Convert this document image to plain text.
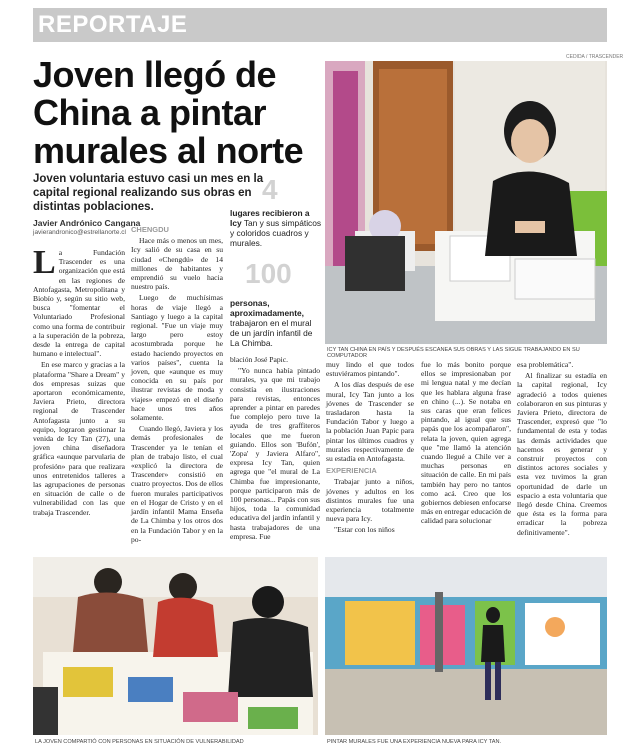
REPORTAJE
Joven llegó de China a pintar murales al norte
Joven voluntaria estuvo casi un mes en la capital regional realizando sus obras en distintas poblaciones.
Javier Andrónico Cangana
javierandronico@estrellanorte.cl
4
lugares recibieron a Icy Tan y sus simpáticos y coloridos cuadros y murales.
100
personas, aproximadamente, trabajaron en el mural de un jardín infantil de La Chimba.

La Fundación Trascender es una organización que está en las regiones de Antofagasta, Metropolitana y Biobío y, según su sitio web, busca "fomentar el Voluntariado Profesional como una forma de contribuir a la superación de la pobreza, desde la entrega de capital humano e intelectual".

En ese marco y gracias a la plataforma "Share a Dream" y dos empresas suizas que aportaron económicamente, Javiera Prieto, directora regional de Trascender Antofagasta junto a su equipo, lograron gestionar la venida de Icy Tan (27), una joven china diseñadora gráfica «aunque parvularia de profesión» para que realizara unos entretenidos talleres a las agrupaciones de personas en situación de calle o de vulnerabilidad con las que trabaja Trascender.

CHENGDU

Hace más o menos un mes, Icy salió de su casa en su ciudad «Chengdú» de 14 millones de habitantes y emprendió su vuelo hacia nuestro país.

Luego de muchísimas horas de viaje llegó a Santiago y luego a la capital regional. "Fue un viaje muy largo pero estoy acostumbrada porque he estado haciendo proyectos en varios países", cuenta la joven, que «aunque es muy conocida en su país por ilustrar revistas de moda y viajes» empezó en el diseño hace unos tres años solamente.

Cuando llegó, Javiera y los demás profesionales de Trascender ya le tenían el plan de trabajo listo, el cual «explicó la directora de Trascender» consistió en cuatro proyectos. Dos de ellos fueron murales participativos en el Hogar de Cristo y en el jardín infantil Mama Enseña de La Chimba y los otros dos en la Fundación Tabor y en la po-

blación José Papic.

"Yo nunca había pintado murales, ya que mi trabajo consistía en ilustraciones para revistas, entonces aprender a pintar en paredes fue complejo pero tuve la ayuda de tres graffiteros locales que me fueron guiando. Ellos son 'Bufón', 'Zopa' y Javiera Alfaro", expresa Icy Tan, quien agrega que "el mural de La Chimba fue impresionante, porque participaron más de 100 personas... Papás con sus hijos, toda la comunidad educativa del jardín infantil y hasta trabajadores de una empresa. Fue

CEDIDA / TRASCENDER
ICY TAN CHINA EN PAÍS Y DESPUÉS ESCANEA SUS OBRAS Y LAS SIGUE TRABAJANDO EN SU COMPUTADOR

muy lindo el que todos estuviéramos pintando".

A los días después de ese mural, Icy Tan junto a los jóvenes de Trascender se trasladaron hasta la Fundación Tabor y luego a la población Juan Papic para pintar los últimos cuadros y murales respectivamente de su estadía en Antofagasta.

EXPERIENCIA

Trabajar junto a niños, jóvenes y adultos en los distintos murales fue una experiencia totalmente nueva para Icy.

"Estar con los niños

fue lo más bonito porque ellos se impresionaban por mi lengua natal y me decían que les hablara alguna frase en chino (...). Se notaba en sus caras que eran felices pintando, al igual que sus papás que los acompañaron", relata la joven, quien agrega que "me llamó la atención cuando llegué a Chile ver a muchas personas en situación de calle. En mi país también hay pero no tantos como acá. Creo que los gobiernos debiesen enfocarse más en entregar educación de calidad para solucionar

esa problemática".

Al finalizar su estadía en la capital regional, Icy agradeció a todos quienes colaboraron en sus pinturas y Javiera Prieto, directora de Trascender, expresó que "lo fundamental de esta y todas las demás actividades que hacemos es generar y construir proyectos con distintos actores sociales y esta vez tuvimos la gran oportunidad de darle un espacio a esta voluntaria que llegó desde China. Creemos que ésta es la forma para erradicar la pobreza definitivamente".

LA JOVEN COMPARTIÓ CON PERSONAS EN SITUACIÓN DE VULNERABILIDAD	PINTAR MURALES FUE UNA EXPERIENCIA NUEVA PARA ICY TAN.
